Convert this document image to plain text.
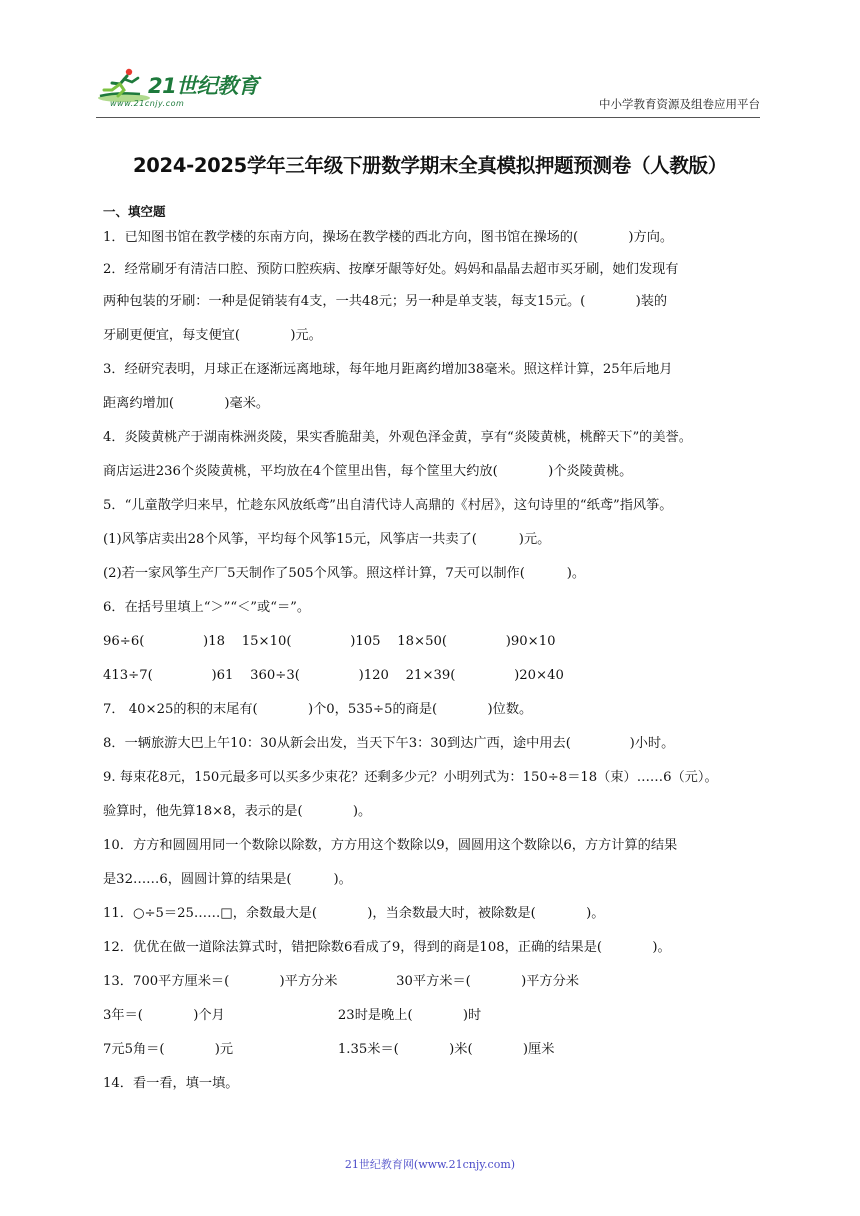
21世纪教育
www.21cnjy.com	中小学教育资源及组卷应用平台
2024-2025学年三年级下册数学期末全真模拟押题预测卷（人教版）
一、填空题
1．已知图书馆在教学楼的东南方向，操场在教学楼的西北方向，图书馆在操场的(            )方向。
2．经常刷牙有清洁口腔、预防口腔疾病、按摩牙龈等好处。妈妈和晶晶去超市买牙刷，她们发现有
两种包装的牙刷：一种是促销装有4支，一共48元；另一种是单支装，每支15元。(            )装的
牙刷更便宜，每支便宜(            )元。
3．经研究表明，月球正在逐渐远离地球，每年地月距离约增加38毫米。照这样计算，25年后地月
距离约增加(            )毫米。
4．炎陵黄桃产于湖南株洲炎陵，果实香脆甜美，外观色泽金黄，享有“炎陵黄桃，桃醉天下”的美誉。
商店运进236个炎陵黄桃，平均放在4个筐里出售，每个筐里大约放(            )个炎陵黄桃。
5．“儿童散学归来早，忙趁东风放纸鸢”出自清代诗人高鼎的《村居》，这句诗里的“纸鸢”指风筝。
(1)风筝店卖出28个风筝，平均每个风筝15元，风筝店一共卖了(          )元。
(2)若一家风筝生产厂5天制作了505个风筝。照这样计算，7天可以制作(          )。
6．在括号里填上“＞”“＜”或“＝”。
96÷6(              )18    15×10(              )105    18×50(              )90×10
413÷7(              )61    360÷3(              )120    21×39(              )20×40
7． 40×25的积的末尾有(            )个0，535÷5的商是(            )位数。
8．一辆旅游大巴上午10：30从新会出发，当天下午3：30到达广西，途中用去(              )小时。
9. 每束花8元，150元最多可以买多少束花？还剩多少元？小明列式为：150÷8＝18（束）……6（元）。
验算时，他先算18×8，表示的是(            )。
10．方方和圆圆用同一个数除以除数，方方用这个数除以9，圆圆用这个数除以6，方方计算的结果
是32……6，圆圆计算的结果是(          )。
11．○÷5＝25……□，余数最大是(            )，当余数最大时，被除数是(            )。
12．优优在做一道除法算式时，错把除数6看成了9，得到的商是108，正确的结果是(            )。
13．700平方厘米＝(            )平方分米              30平方米＝(            )平方分米
3年＝(            )个月                           23时是晚上(            )时
7元5角＝(            )元                         1.35米＝(            )米(            )厘米
14．看一看，填一填。
21世纪教育网(www.21cnjy.com)
